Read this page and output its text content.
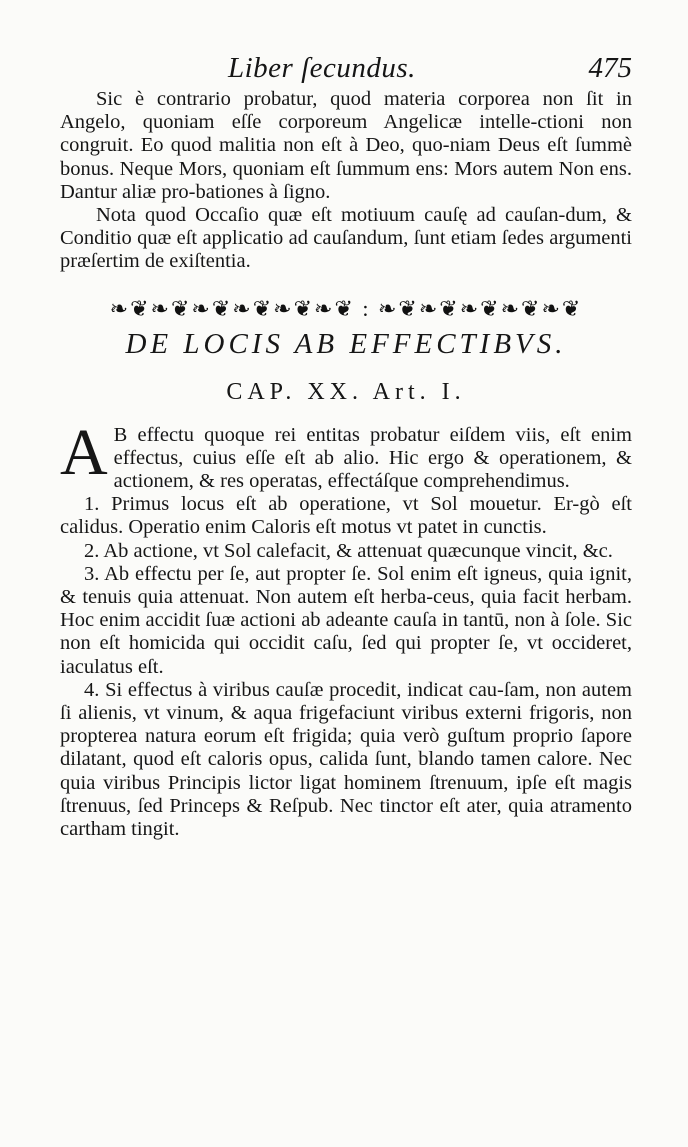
Liber ſecundus.	475

Sic è contrario probatur, quod materia corporea non ſit in Angelo, quoniam eſſe corporeum Angelicæ intelle-ctioni non congruit. Eo quod malitia non eſt à Deo, quo-niam Deus eſt ſummè bonus. Neque Mors, quoniam eſt ſummum ens: Mors autem Non ens. Dantur aliæ pro-bationes à ſigno.

Nota quod Occaſio quæ eſt motiuum cauſę ad cauſan-dum, & Conditio quæ eſt applicatio ad cauſandum, ſunt etiam ſedes argumenti præſertim de exiſtentia.

❧❦❧❦❧❦❧❦❧❦❧❦ : ❧❦❧❦❧❦❧❦❧❦
DE LOCIS AB EFFECTIBVS.
CAP. XX. Art. I.

A B effectu quoque rei entitas probatur eiſdem viis, eſt enim effectus, cuius eſſe eſt ab alio. Hic ergo & operationem, & actionem, & res operatas, effectáſque comprehendimus.

1. Primus locus eſt ab operatione, vt Sol mouetur. Er-gò eſt calidus. Operatio enim Caloris eſt motus vt patet in cunctis.

2. Ab actione, vt Sol calefacit, & attenuat quæcunque vincit, &c.

3. Ab effectu per ſe, aut propter ſe. Sol enim eſt igneus, quia ignit, & tenuis quia attenuat. Non autem eſt herba-ceus, quia facit herbam. Hoc enim accidit ſuæ actioni ab adeante cauſa in tantū, non à ſole. Sic non eſt homicida qui occidit caſu, ſed qui propter ſe, vt occideret, iaculatus eſt.

4. Si effectus à viribus cauſæ procedit, indicat cau-ſam, non autem ſi alienis, vt vinum, & aqua frigefaciunt viribus externi frigoris, non propterea natura eorum eſt frigida; quia verò guſtum proprio ſapore dilatant, quod eſt caloris opus, calida ſunt, blando tamen calore. Nec quia viribus Principis lictor ligat hominem ſtrenuum, ipſe eſt magis ſtrenuus, ſed Princeps & Reſpub. Nec tinctor eſt ater, quia atramento cartham tingit.
